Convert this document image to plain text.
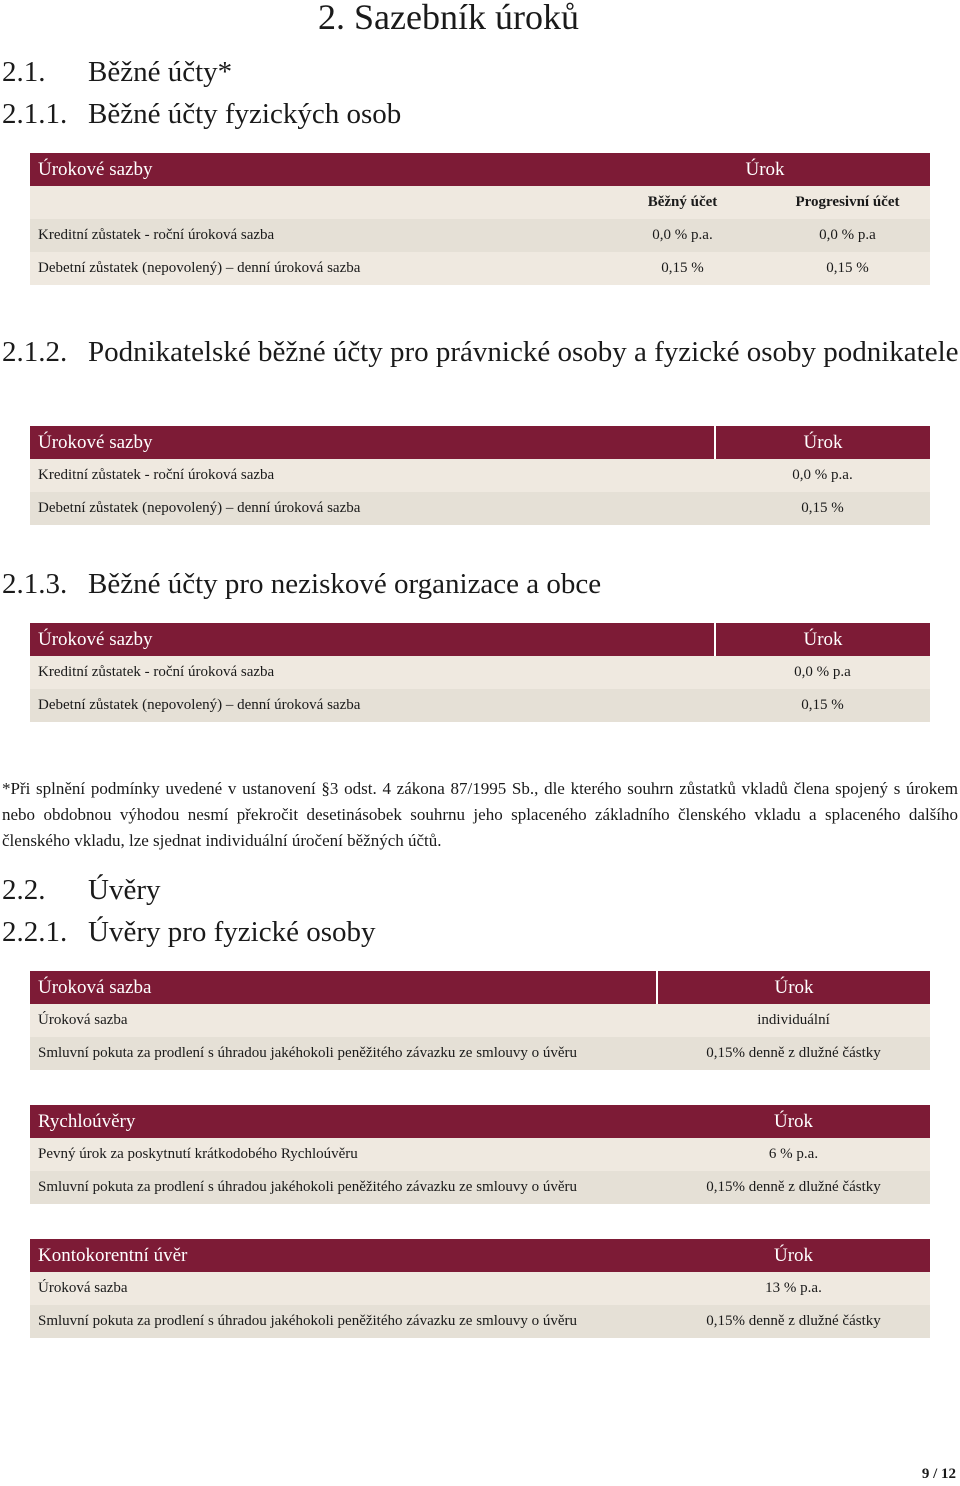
2. Sazebník úroků
2.1. Běžné účty*
2.1.1. Běžné účty fyzických osob
Úrokové sazby	Úrok	
	Běžný účet	Progresivní účet
Kreditní zůstatek - roční úroková sazba	0,0 % p.a.	0,0 % p.a
Debetní zůstatek (nepovolený) – denní úroková sazba	0,15 %	0,15 %
2.1.2. Podnikatelské běžné účty pro právnické osoby a fyzické osoby podnikatele
Úrokové sazby	Úrok
Kreditní zůstatek - roční úroková sazba	0,0 % p.a.
Debetní zůstatek (nepovolený) – denní úroková sazba	0,15 %
2.1.3. Běžné účty pro neziskové organizace a obce
Úrokové sazby	Úrok
Kreditní zůstatek - roční úroková sazba	0,0 % p.a
Debetní zůstatek (nepovolený) – denní úroková sazba	0,15 %
*Při splnění podmínky uvedené v ustanovení §3 odst. 4 zákona 87/1995 Sb., dle kterého souhrn zůstatků vkladů člena spojený s úrokem nebo obdobnou výhodou nesmí překročit desetinásobek souhrnu jeho splaceného základního členského vkladu a splaceného dalšího členského vkladu, lze sjednat individuální úročení běžných účtů.
2.2. Úvěry
2.2.1. Úvěry pro fyzické osoby
Úroková sazba	Úrok
Úroková sazba	individuální
Smluvní pokuta za prodlení s úhradou jakéhokoli peněžitého závazku ze smlouvy o úvěru	0,15% denně z dlužné částky
Rychloúvěry	Úrok
Pevný úrok za poskytnutí krátkodobého Rychloúvěru	6 % p.a.
Smluvní pokuta za prodlení s úhradou jakéhokoli peněžitého závazku ze smlouvy o úvěru	0,15% denně z dlužné částky
Kontokorentní úvěr	Úrok
Úroková sazba	13 % p.a.
Smluvní pokuta za prodlení s úhradou jakéhokoli peněžitého závazku ze smlouvy o úvěru	0,15% denně z dlužné částky
9 / 12
